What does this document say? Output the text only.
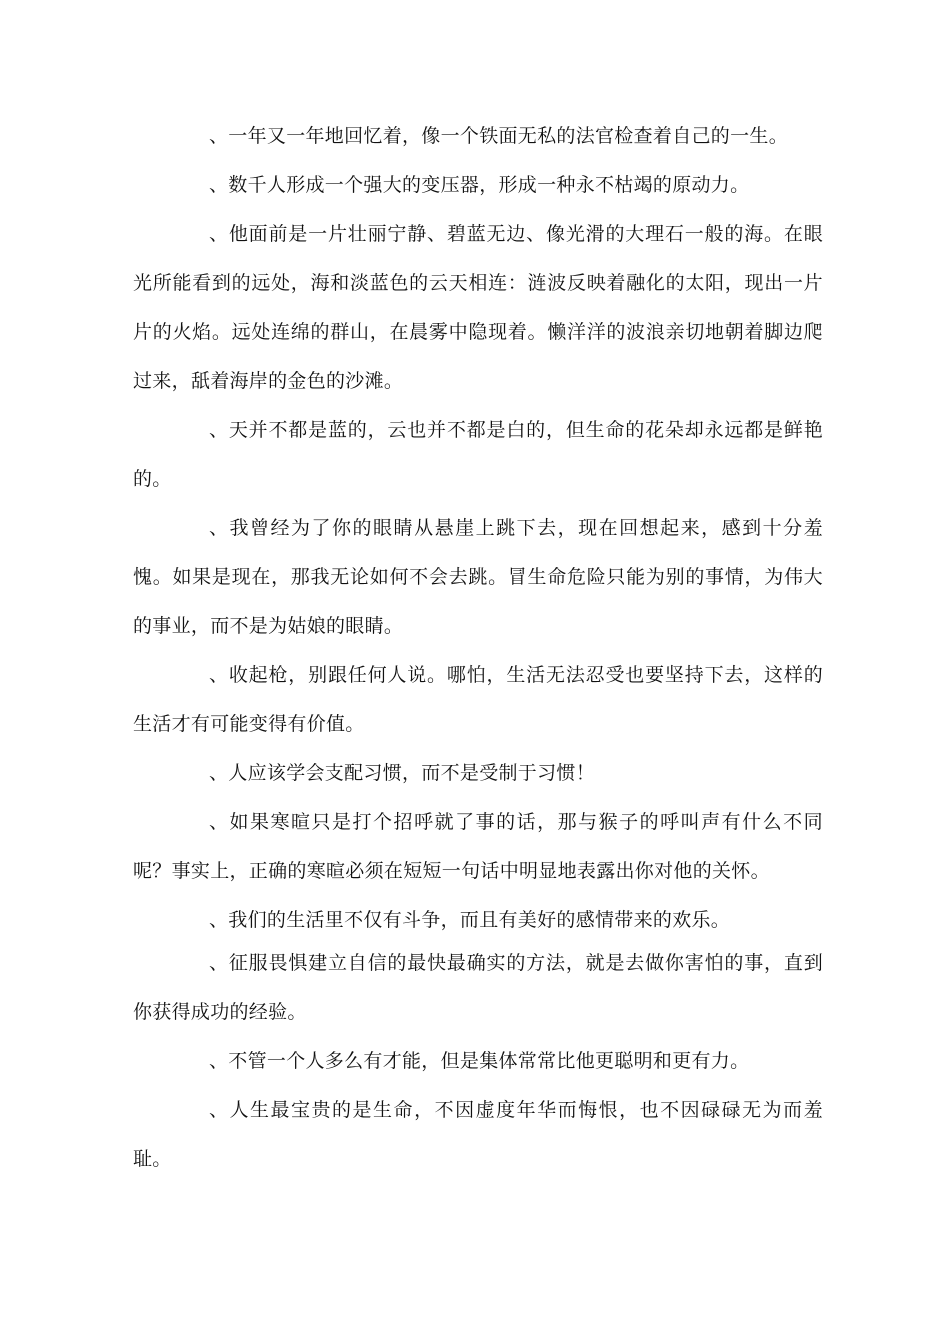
、一年又一年地回忆着，像一个铁面无私的法官检查着自己的一生。

、数千人形成一个强大的变压器，形成一种永不枯竭的原动力。

、他面前是一片壮丽宁静、碧蓝无边、像光滑的大理石一般的海。在眼光所能看到的远处，海和淡蓝色的云天相连：涟波反映着融化的太阳，现出一片片的火焰。远处连绵的群山，在晨雾中隐现着。懒洋洋的波浪亲切地朝着脚边爬过来，舐着海岸的金色的沙滩。

、天并不都是蓝的，云也并不都是白的，但生命的花朵却永远都是鲜艳的。

、我曾经为了你的眼睛从悬崖上跳下去，现在回想起来，感到十分羞愧。如果是现在，那我无论如何不会去跳。冒生命危险只能为别的事情，为伟大的事业，而不是为姑娘的眼睛。

、收起枪，别跟任何人说。哪怕，生活无法忍受也要坚持下去，这样的生活才有可能变得有价值。

、人应该学会支配习惯，而不是受制于习惯！

、如果寒暄只是打个招呼就了事的话，那与猴子的呼叫声有什么不同呢？事实上，正确的寒暄必须在短短一句话中明显地表露出你对他的关怀。

、我们的生活里不仅有斗争，而且有美好的感情带来的欢乐。

、征服畏惧建立自信的最快最确实的方法，就是去做你害怕的事，直到你获得成功的经验。

、不管一个人多么有才能，但是集体常常比他更聪明和更有力。

、人生最宝贵的是生命，不因虚度年华而悔恨，也不因碌碌无为而羞耻。
